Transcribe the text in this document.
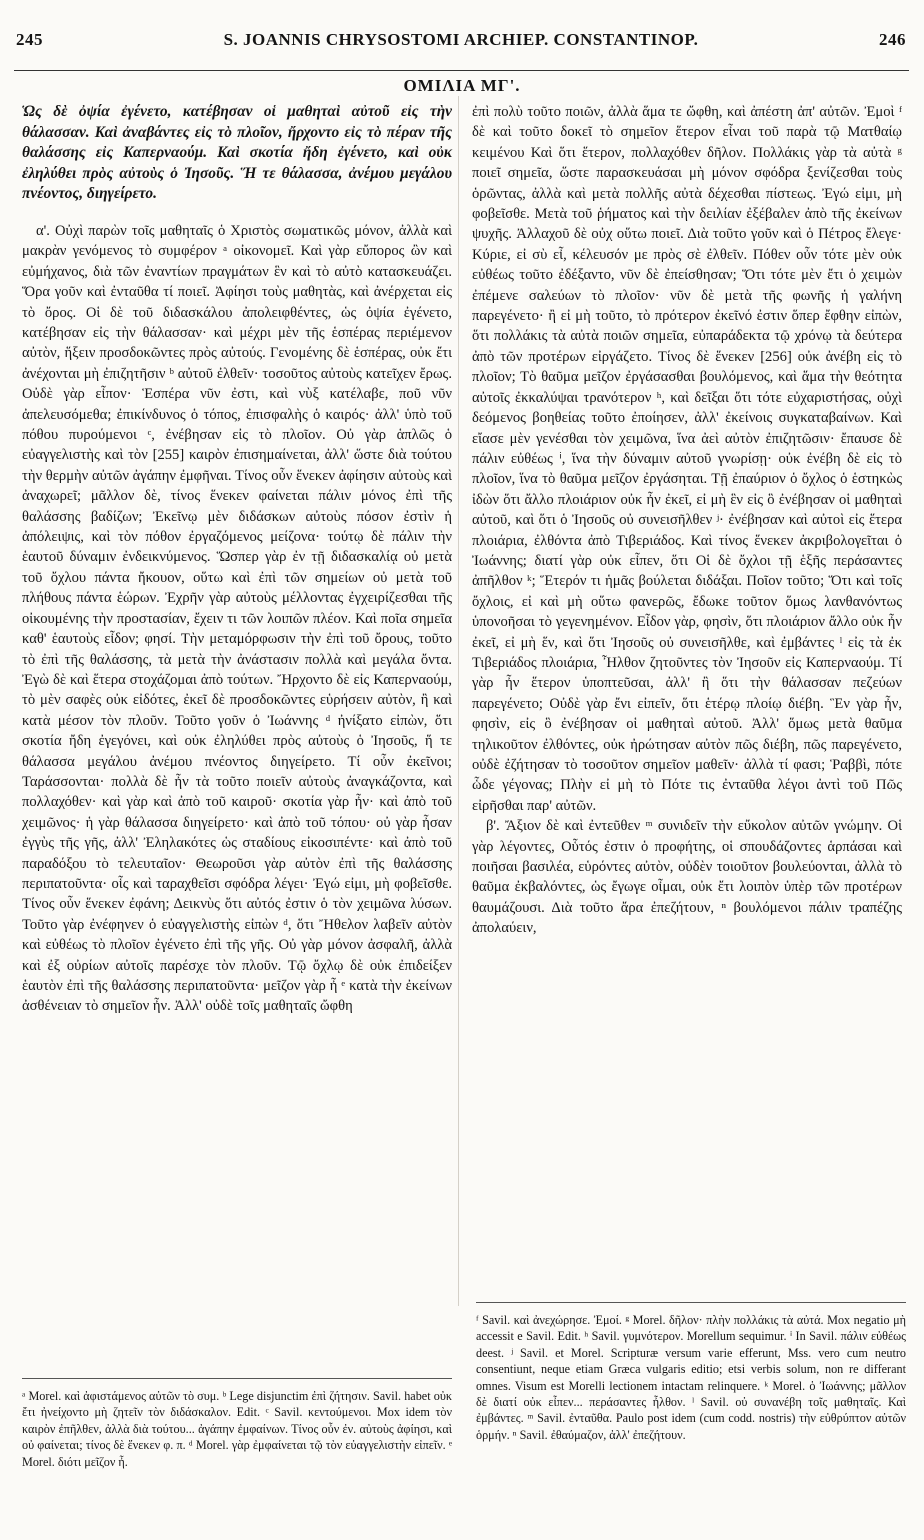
245	S. JOANNIS CHRYSOSTOMI ARCHIEP. CONSTANTINOP.	246
ΟΜΙΛΙΑ ΜΓ'.

Ὡς δὲ ὀψία ἐγένετο, κατέβησαν οἱ μαθηταὶ αὐτοῦ εἰς τὴν θάλασσαν. Καὶ ἀναβάντες εἰς τὸ πλοῖον, ἤρχοντο εἰς τὸ πέραν τῆς θαλάσσης εἰς Καπερναούμ. Καὶ σκοτία ἤδη ἐγένετο, καὶ οὐκ ἐληλύθει πρὸς αὐτοὺς ὁ Ἰησοῦς. Ἥ τε θάλασσα, ἀνέμου μεγάλου πνέοντος, διηγείρετο.

α'. Οὐχὶ παρὼν τοῖς μαθηταῖς ὁ Χριστὸς σωματικῶς μόνον, ἀλλὰ καὶ μακρὰν γενόμενος τὸ συμφέρον ᵃ οἰκονομεῖ. Καὶ γὰρ εὔπορος ὢν καὶ εὐμήχανος, διὰ τῶν ἐναντίων πραγμάτων ἓν καὶ τὸ αὐτὸ κατασκευάζει. Ὅρα γοῦν καὶ ἐνταῦθα τί ποιεῖ. Ἀφίησι τοὺς μαθητὰς, καὶ ἀνέρχεται εἰς τὸ ὄρος. Οἱ δὲ τοῦ διδασκάλου ἀπολειφθέντες, ὡς ὀψία ἐγένετο, κατέβησαν εἰς τὴν θάλασσαν· καὶ μέχρι μὲν τῆς ἑσπέρας περιέμενον αὐτὸν, ἥξειν προσδοκῶντες πρὸς αὐτούς. Γενομένης δὲ ἑσπέρας, οὐκ ἔτι ἀνέχονται μὴ ἐπιζητῆσιν ᵇ αὐτοῦ ἐλθεῖν· τοσοῦτος αὐτοὺς κατεῖχεν ἔρως. Οὐδὲ γὰρ εἶπον· Ἑσπέρα νῦν ἐστι, καὶ νὺξ κατέλαβε, ποῦ νῦν ἀπελευσόμεθα; ἐπικίνδυνος ὁ τόπος, ἐπισφαλὴς ὁ καιρός· ἀλλ' ὑπὸ τοῦ πόθου πυρούμενοι ᶜ, ἐνέβησαν εἰς τὸ πλοῖον. Οὐ γὰρ ἁπλῶς ὁ εὐαγγελιστὴς καὶ τὸν [255] καιρὸν ἐπισημαίνεται, ἀλλ' ὥστε διὰ τούτου τὴν θερμὴν αὐτῶν ἀγάπην ἐμφῆναι. Τίνος οὖν ἕνεκεν ἀφίησιν αὐτοὺς καὶ ἀναχωρεῖ; μᾶλλον δὲ, τίνος ἕνεκεν φαίνεται πάλιν μόνος ἐπὶ τῆς θαλάσσης βαδίζων; Ἐκεῖνῳ μὲν διδάσκων αὐτοὺς πόσον ἐστὶν ἡ ἀπόλειψις, καὶ τὸν πόθον ἐργαζόμενος μείζονα· τούτῳ δὲ πάλιν τὴν ἑαυτοῦ δύναμιν ἐνδεικνύμενος. Ὥσπερ γὰρ ἐν τῇ διδασκαλίᾳ οὐ μετὰ τοῦ ὄχλου πάντα ἤκουον, οὕτω καὶ ἐπὶ τῶν σημείων οὐ μετὰ τοῦ πλήθους πάντα ἑώρων. Ἐχρῆν γὰρ αὐτοὺς μέλλοντας ἐγχειρίζεσθαι τῆς οἰκουμένης τὴν προστασίαν, ἔχειν τι τῶν λοιπῶν πλέον. Καὶ ποῖα σημεῖα καθ' ἑαυτοὺς εἶδον; φησί. Τὴν μεταμόρφωσιν τὴν ἐπὶ τοῦ ὄρους, τοῦτο τὸ ἐπὶ τῆς θαλάσσης, τὰ μετὰ τὴν ἀνάστασιν πολλὰ καὶ μεγάλα ὄντα. Ἐγὼ δὲ καὶ ἕτερα στοχάζομαι ἀπὸ τούτων. Ἤρχοντο δὲ εἰς Καπερναούμ, τὸ μὲν σαφὲς οὐκ εἰδότες, ἐκεῖ δὲ προσδοκῶντες εὑρήσειν αὐτὸν, ἢ καὶ κατὰ μέσον τὸν πλοῦν. Τοῦτο γοῦν ὁ Ἰωάννης ᵈ ἠνίξατο εἰπὼν, ὅτι σκοτία ἤδη ἐγεγόνει, καὶ οὐκ ἐληλύθει πρὸς αὐτοὺς ὁ Ἰησοῦς, ἥ τε θάλασσα μεγάλου ἀνέμου πνέοντος διηγείρετο. Τί οὖν ἐκεῖνοι; Ταράσσονται· πολλὰ δὲ ἦν τὰ τοῦτο ποιεῖν αὐτοὺς ἀναγκάζοντα, καὶ πολλαχόθεν· καὶ γὰρ καὶ ἀπὸ τοῦ καιροῦ· σκοτία γὰρ ἦν· καὶ ἀπὸ τοῦ χειμῶνος· ἡ γὰρ θάλασσα διηγείρετο· καὶ ἀπὸ τοῦ τόπου· οὐ γὰρ ἦσαν ἐγγὺς τῆς γῆς, ἀλλ' Ἐληλακότες ὡς σταδίους εἰκοσιπέντε· καὶ ἀπὸ τοῦ παραδόξου τὸ τελευταῖον· Θεωροῦσι γὰρ αὐτὸν ἐπὶ τῆς θαλάσσης περιπατοῦντα· οἷς καὶ ταραχθεῖσι σφόδρα λέγει· Ἐγώ εἰμι, μὴ φοβεῖσθε. Τίνος οὖν ἕνεκεν ἐφάνη; Δεικνὺς ὅτι αὐτός ἐστιν ὁ τὸν χειμῶνα λύσων. Τοῦτο γὰρ ἐνέφηνεν ὁ εὐαγγελιστὴς εἰπὼν ᵈ, ὅτι Ἤθελον λαβεῖν αὐτὸν καὶ εὐθέως τὸ πλοῖον ἐγένετο ἐπὶ τῆς γῆς. Οὐ γὰρ μόνον ἀσφαλῆ, ἀλλὰ καὶ ἐξ οὐρίων αὐτοῖς παρέσχε τὸν πλοῦν. Τῷ ὄχλῳ δὲ οὐκ ἐπιδείξεν ἑαυτὸν ἐπὶ τῆς θαλάσσης περιπατοῦντα· μεῖζον γὰρ ἦ ᵉ κατὰ τὴν ἐκείνων ἀσθένειαν τὸ σημεῖον ἦν. Ἀλλ' οὐδὲ τοῖς μαθηταῖς ὤφθη

ἐπὶ πολὺ τοῦτο ποιῶν, ἀλλὰ ἅμα τε ὤφθη, καὶ ἀπέστη ἀπ' αὐτῶν. Ἐμοὶ ᶠ δὲ καὶ τοῦτο δοκεῖ τὸ σημεῖον ἕτερον εἶναι τοῦ παρὰ τῷ Ματθαίῳ κειμένου Καὶ ὅτι ἕτερον, πολλαχόθεν δῆλον. Πολλάκις γὰρ τὰ αὐτὰ ᵍ ποιεῖ σημεῖα, ὥστε παρασκευάσαι μὴ μόνον σφόδρα ξενίζεσθαι τοὺς ὁρῶντας, ἀλλὰ καὶ μετὰ πολλῆς αὐτὰ δέχεσθαι πίστεως. Ἐγώ εἰμι, μὴ φοβεῖσθε. Μετὰ τοῦ ῥήματος καὶ τὴν δειλίαν ἐξέβαλεν ἀπὸ τῆς ἐκείνων ψυχῆς. Ἀλλαχοῦ δὲ οὐχ οὕτω ποιεῖ. Διὰ τοῦτο γοῦν καὶ ὁ Πέτρος ἔλεγε· Κύριε, εἰ σὺ εἶ, κέλευσόν με πρὸς σὲ ἐλθεῖν. Πόθεν οὖν τότε μὲν οὐκ εὐθέως τοῦτο ἐδέξαντο, νῦν δὲ ἐπείσθησαν; Ὅτι τότε μὲν ἔτι ὁ χειμὼν ἐπέμενε σαλεύων τὸ πλοῖον· νῦν δὲ μετὰ τῆς φωνῆς ἡ γαλήνη παρεγένετο· ἢ εἰ μὴ τοῦτο, τὸ πρότερον ἐκεῖνό ἐστιν ὅπερ ἔφθην εἰπὼν, ὅτι πολλάκις τὰ αὐτὰ ποιῶν σημεῖα, εὐπαράδεκτα τῷ χρόνῳ τὰ δεύτερα ἀπὸ τῶν προτέρων εἰργάζετο. Τίνος δὲ ἕνεκεν [256] οὐκ ἀνέβη εἰς τὸ πλοῖον; Τὸ θαῦμα μεῖζον ἐργάσασθαι βουλόμενος, καὶ ἅμα τὴν θεότητα αὐτοῖς ἐκκαλύψαι τρανότερον ʰ, καὶ δεῖξαι ὅτι τότε εὐχαριστήσας, οὐχὶ δεόμενος βοηθείας τοῦτο ἐποίησεν, ἀλλ' ἐκείνοις συγκαταβαίνων. Καὶ εἴασε μὲν γενέσθαι τὸν χειμῶνα, ἵνα ἀεὶ αὐτὸν ἐπιζητῶσιν· ἔπαυσε δὲ πάλιν εὐθέως ⁱ, ἵνα τὴν δύναμιν αὐτοῦ γνωρίσῃ· οὐκ ἐνέβη δὲ εἰς τὸ πλοῖον, ἵνα τὸ θαῦμα μεῖζον ἐργάσηται. Τῇ ἐπαύριον ὁ ὄχλος ὁ ἑστηκὼς ἰδὼν ὅτι ἄλλο πλοιάριον οὐκ ἦν ἐκεῖ, εἰ μὴ ἓν εἰς ὃ ἐνέβησαν οἱ μαθηταὶ αὐτοῦ, καὶ ὅτι ὁ Ἰησοῦς οὐ συνεισῆλθεν ʲ· ἐνέβησαν καὶ αὐτοὶ εἰς ἕτερα πλοιάρια, ἐλθόντα ἀπὸ Τιβεριάδος. Καὶ τίνος ἕνεκεν ἀκριβολογεῖται ὁ Ἰωάννης; διατί γὰρ οὐκ εἶπεν, ὅτι Οἱ δὲ ὄχλοι τῇ ἑξῆς περάσαντες ἀπῆλθον ᵏ; Ἕτερόν τι ἡμᾶς βούλεται διδάξαι. Ποῖον τοῦτο; Ὅτι καὶ τοῖς ὄχλοις, εἰ καὶ μὴ οὕτω φανερῶς, ἔδωκε τοῦτον ὅμως λανθανόντως ὑπονοῆσαι τὸ γεγενημένον. Εἶδον γὰρ, φησὶν, ὅτι πλοιάριον ἄλλο οὐκ ἦν ἐκεῖ, εἰ μὴ ἕν, καὶ ὅτι Ἰησοῦς οὐ συνεισῆλθε, καὶ ἐμβάντες ˡ εἰς τὰ ἐκ Τιβεριάδος πλοιάρια, Ἦλθον ζητοῦντες τὸν Ἰησοῦν εἰς Καπερναούμ. Τί γὰρ ἦν ἕτερον ὑποπτεῦσαι, ἀλλ' ἢ ὅτι τὴν θάλασσαν πεζεύων παρεγένετο; Οὐδὲ γὰρ ἔνι εἰπεῖν, ὅτι ἑτέρῳ πλοίῳ διέβη. Ἓν γὰρ ἦν, φησὶν, εἰς ὃ ἐνέβησαν οἱ μαθηταὶ αὐτοῦ. Ἀλλ' ὅμως μετὰ θαῦμα τηλικοῦτον ἐλθόντες, οὐκ ἠρώτησαν αὐτὸν πῶς διέβη, πῶς παρεγένετο, οὐδὲ ἐζήτησαν τὸ τοσοῦτον σημεῖον μαθεῖν· ἀλλὰ τί φασι; Ῥαββὶ, πότε ὧδε γέγονας; Πλὴν εἰ μὴ τὸ Πότε τις ἐνταῦθα λέγοι ἀντὶ τοῦ Πῶς εἰρῆσθαι παρ' αὐτῶν.

β'. Ἄξιον δὲ καὶ ἐντεῦθεν ᵐ συνιδεῖν τὴν εὔκολον αὐτῶν γνώμην. Οἱ γὰρ λέγοντες, Οὗτός ἐστιν ὁ προφήτης, οἱ σπουδάζοντες ἁρπάσαι καὶ ποιῆσαι βασιλέα, εὑρόντες αὐτὸν, οὐδὲν τοιοῦτον βουλεύονται, ἀλλὰ τὸ θαῦμα ἐκβαλόντες, ὡς ἔγωγε οἶμαι, οὐκ ἔτι λοιπὸν ὑπὲρ τῶν προτέρων θαυμάζουσι. Διὰ τοῦτο ἄρα ἐπεζήτουν, ⁿ βουλόμενοι πάλιν τραπέζης ἀπολαύειν,

ᵃ Morel. καὶ ἀφιστάμενος αὐτῶν τὸ συμ. ᵇ Lege disjunctim ἐπὶ ζήτησιν. Savil. habet οὐκ ἔτι ἠνείχοντο μὴ ζητεῖν τὸν διδάσκαλον. Edit. ᶜ Savil. κεντούμενοι. Mox idem τὸν καιρὸν ἐπῆλθεν, ἀλλὰ διὰ τούτου... ἀγάπην ἐμφαίνων. Τίνος οὖν ἐν. αὐτοὺς ἀφίησι, καὶ οὐ φαίνεται; τίνος δὲ ἕνεκεν φ. π. ᵈ Morel. γὰρ ἐμφαίνεται τῷ τὸν εὐαγγελιστὴν εἰπεῖν. ᵉ Morel. διότι μεῖζον ἦ.
ᶠ Savil. καὶ ἀνεχώρησε. Ἐμοί. ᵍ Morel. δῆλον· πλὴν πολλάκις τὰ αὐτά. Mox negatio μὴ accessit e Savil. Edit. ʰ Savil. γυμνότερον. Morellum sequimur. ⁱ In Savil. πάλιν εὐθέως deest. ʲ Savil. et Morel. Scripturæ versum varie efferunt, Mss. vero cum neutro consentiunt, neque etiam Græca vulgaris editio; etsi verbis solum, non re differant omnes. Visum est Morelli lectionem intactam relinquere. ᵏ Morel. ὁ Ἰωάννης; μᾶλλον δὲ διατί οὐκ εἶπεν... περάσαντες ἦλθον. ˡ Savil. οὐ συνανέβη τοῖς μαθηταῖς. Καὶ ἐμβάντες. ᵐ Savil. ἐνταῦθα. Paulo post idem (cum codd. nostris) τὴν εὐθρύπτον αὐτῶν ὁρμήν. ⁿ Savil. ἐθαύμαζον, ἀλλ' ἐπεζήτουν.
